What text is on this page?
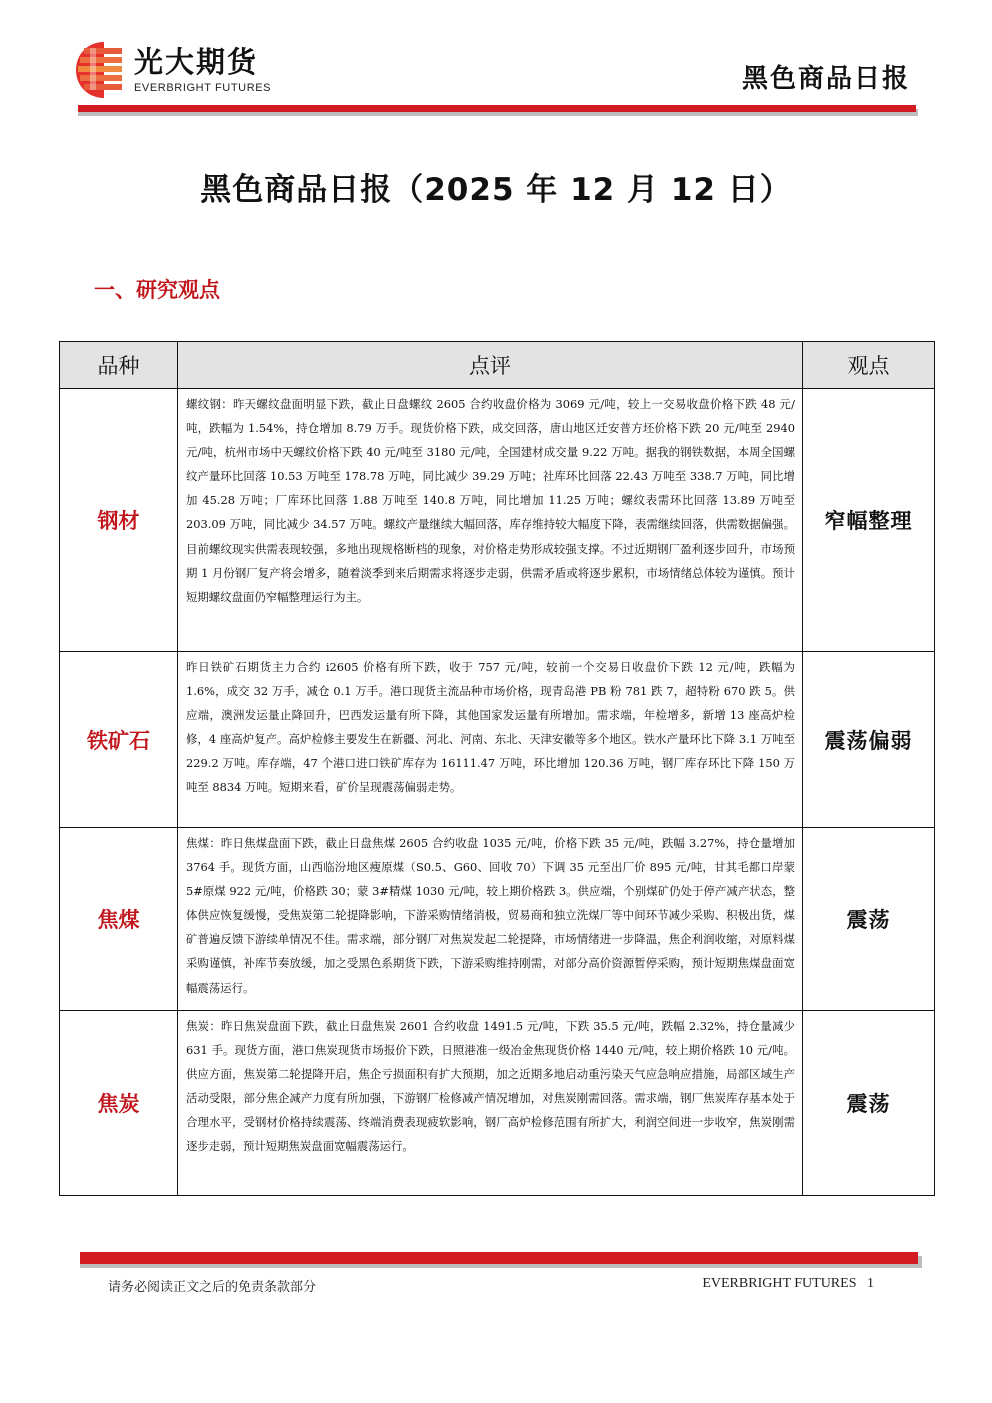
光大期货
EVERBRIGHT FUTURES	黑色商品日报
黑色商品日报（2025 年 12 月 12 日）
一、研究观点
品种	点评	观点
钢材	螺纹钢：昨天螺纹盘面明显下跌，截止日盘螺纹 2605 合约收盘价格为 3069 元/吨，较上一交易收盘价格下跌 48 元/吨，跌幅为 1.54%，持仓增加 8.79 万手。现货价格下跌，成交回落，唐山地区迁安普方坯价格下跌 20 元/吨至 2940 元/吨，杭州市场中天螺纹价格下跌 40 元/吨至 3180 元/吨，全国建材成交量 9.22 万吨。据我的钢铁数据，本周全国螺纹产量环比回落 10.53 万吨至 178.78 万吨，同比减少 39.29 万吨；社库环比回落 22.43 万吨至 338.7 万吨，同比增加 45.28 万吨；厂库环比回落 1.88 万吨至 140.8 万吨，同比增加 11.25 万吨；螺纹表需环比回落 13.89 万吨至 203.09 万吨，同比减少 34.57 万吨。螺纹产量继续大幅回落，库存维持较大幅度下降，表需继续回落，供需数据偏强。目前螺纹现实供需表现较强，多地出现规格断档的现象，对价格走势形成较强支撑。不过近期钢厂盈利逐步回升，市场预期 1 月份钢厂复产将会增多，随着淡季到来后期需求将逐步走弱，供需矛盾或将逐步累积，市场情绪总体较为谨慎。预计短期螺纹盘面仍窄幅整理运行为主。	窄幅整理
铁矿石	昨日铁矿石期货主力合约 i2605 价格有所下跌，收于 757 元/吨，较前一个交易日收盘价下跌 12 元/吨，跌幅为 1.6%，成交 32 万手，减仓 0.1 万手。港口现货主流品种市场价格，现青岛港 PB 粉 781 跌 7，超特粉 670 跌 5。供应端，澳洲发运量止降回升，巴西发运量有所下降，其他国家发运量有所增加。需求端，年检增多，新增 13 座高炉检修，4 座高炉复产。高炉检修主要发生在新疆、河北、河南、东北、天津安徽等多个地区。铁水产量环比下降 3.1 万吨至 229.2 万吨。库存端，47 个港口进口铁矿库存为 16111.47 万吨，环比增加 120.36 万吨，钢厂库存环比下降 150 万吨至 8834 万吨。短期来看，矿价呈现震荡偏弱走势。	震荡偏弱
焦煤	焦煤：昨日焦煤盘面下跌，截止日盘焦煤 2605 合约收盘 1035 元/吨，价格下跌 35 元/吨，跌幅 3.27%，持仓量增加 3764 手。现货方面，山西临汾地区瘦原煤（S0.5、G60、回收 70）下调 35 元至出厂价 895 元/吨，甘其毛都口岸蒙 5#原煤 922 元/吨，价格跌 30；蒙 3#精煤 1030 元/吨，较上期价格跌 3。供应端，个别煤矿仍处于停产减产状态，整体供应恢复缓慢，受焦炭第二轮提降影响，下游采购情绪消极，贸易商和独立洗煤厂等中间环节减少采购、积极出货，煤矿普遍反馈下游续单情况不佳。需求端，部分钢厂对焦炭发起二轮提降，市场情绪进一步降温，焦企利润收缩，对原料煤采购谨慎，补库节奏放缓，加之受黑色系期货下跌，下游采购维持刚需，对部分高价资源暂停采购，预计短期焦煤盘面宽幅震荡运行。	震荡
焦炭	焦炭：昨日焦炭盘面下跌，截止日盘焦炭 2601 合约收盘 1491.5 元/吨，下跌 35.5 元/吨，跌幅 2.32%，持仓量减少 631 手。现货方面，港口焦炭现货市场报价下跌，日照港准一级冶金焦现货价格 1440 元/吨，较上期价格跌 10 元/吨。供应方面，焦炭第二轮提降开启，焦企亏损面积有扩大预期，加之近期多地启动重污染天气应急响应措施，局部区域生产活动受限，部分焦企减产力度有所加强，下游钢厂检修减产情况增加，对焦炭刚需回落。需求端，钢厂焦炭库存基本处于合理水平，受钢材价格持续震荡、终端消费表现疲软影响，钢厂高炉检修范围有所扩大，利润空间进一步收窄，焦炭刚需逐步走弱，预计短期焦炭盘面宽幅震荡运行。	震荡
请务必阅读正文之后的免责条款部分	EVERBRIGHT FUTURES 1
